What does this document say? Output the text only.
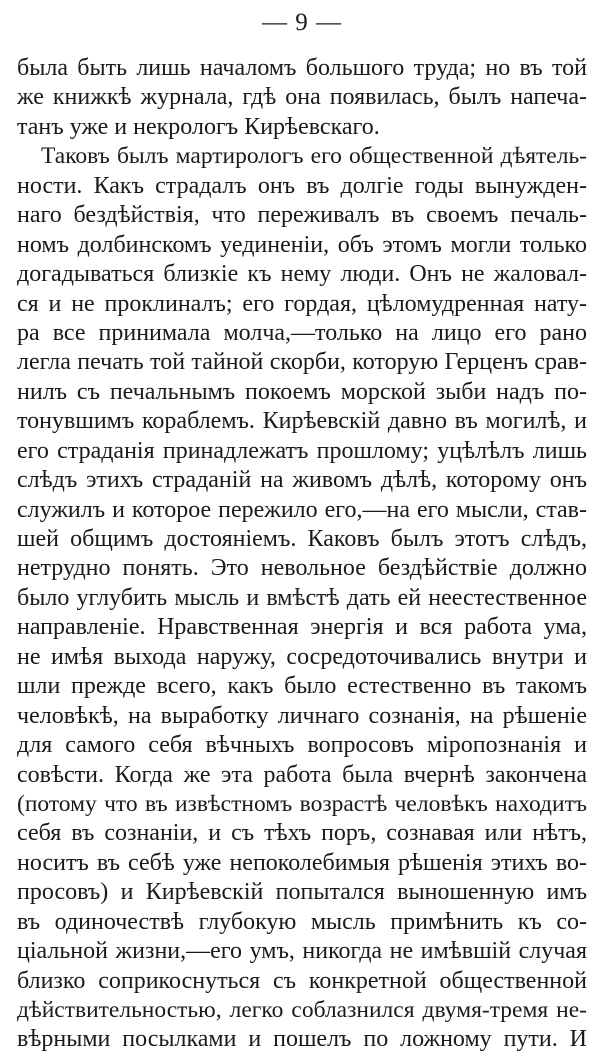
— 9 —
была быть лишь началомъ большого труда; но въ той
же книжкѣ журнала, гдѣ она появилась, былъ напеча-
танъ уже и некрологъ Кирѣевскаго.
Таковъ былъ мартирологъ его общественной дѣятель-
ности. Какъ страдалъ онъ въ долгіе годы вынужден-
наго бездѣйствія, что переживалъ въ своемъ печаль-
номъ долбинскомъ уединеніи, объ этомъ могли только
догадываться близкіе къ нему люди. Онъ не жаловал-
ся и не проклиналъ; его гордая, цѣломудренная нату-
ра все принимала молча,—только на лицо его рано
легла печать той тайной скорби, которую Герценъ срав-
нилъ съ печальнымъ покоемъ морской зыби надъ по-
тонувшимъ кораблемъ. Кирѣевскій давно въ могилѣ, и
его страданія принадлежатъ прошлому; уцѣлѣлъ лишь
слѣдъ этихъ страданій на живомъ дѣлѣ, которому онъ
служилъ и которое пережило его,—на его мысли, став-
шей общимъ достояніемъ. Каковъ былъ этотъ слѣдъ,
нетрудно понять. Это невольное бездѣйствіе должно
было углубить мысль и вмѣстѣ дать ей неестественное
направленіе. Нравственная энергія и вся работа ума,
не имѣя выхода наружу, сосредоточивались внутри и
шли прежде всего, какъ было естественно въ такомъ
человѣкѣ, на выработку личнаго сознанія, на рѣшеніе
для самого себя вѣчныхъ вопросовъ міропознанія и
совѣсти. Когда же эта работа была вчернѣ закончена
(потому что въ извѣстномъ возрастѣ человѣкъ находитъ
себя въ сознаніи, и съ тѣхъ поръ, сознавая или нѣтъ,
носитъ въ себѣ уже непоколебимыя рѣшенія этихъ во-
просовъ) и Кирѣевскій попытался выношенную имъ
въ одиночествѣ глубокую мысль примѣнить къ со-
ціальной жизни,—его умъ, никогда не имѣвшій случая
близко соприкоснуться съ конкретной общественной
дѣйствительностью, легко соблазнился двумя-тремя не-
вѣрными посылками и пошелъ по ложному пути. И
